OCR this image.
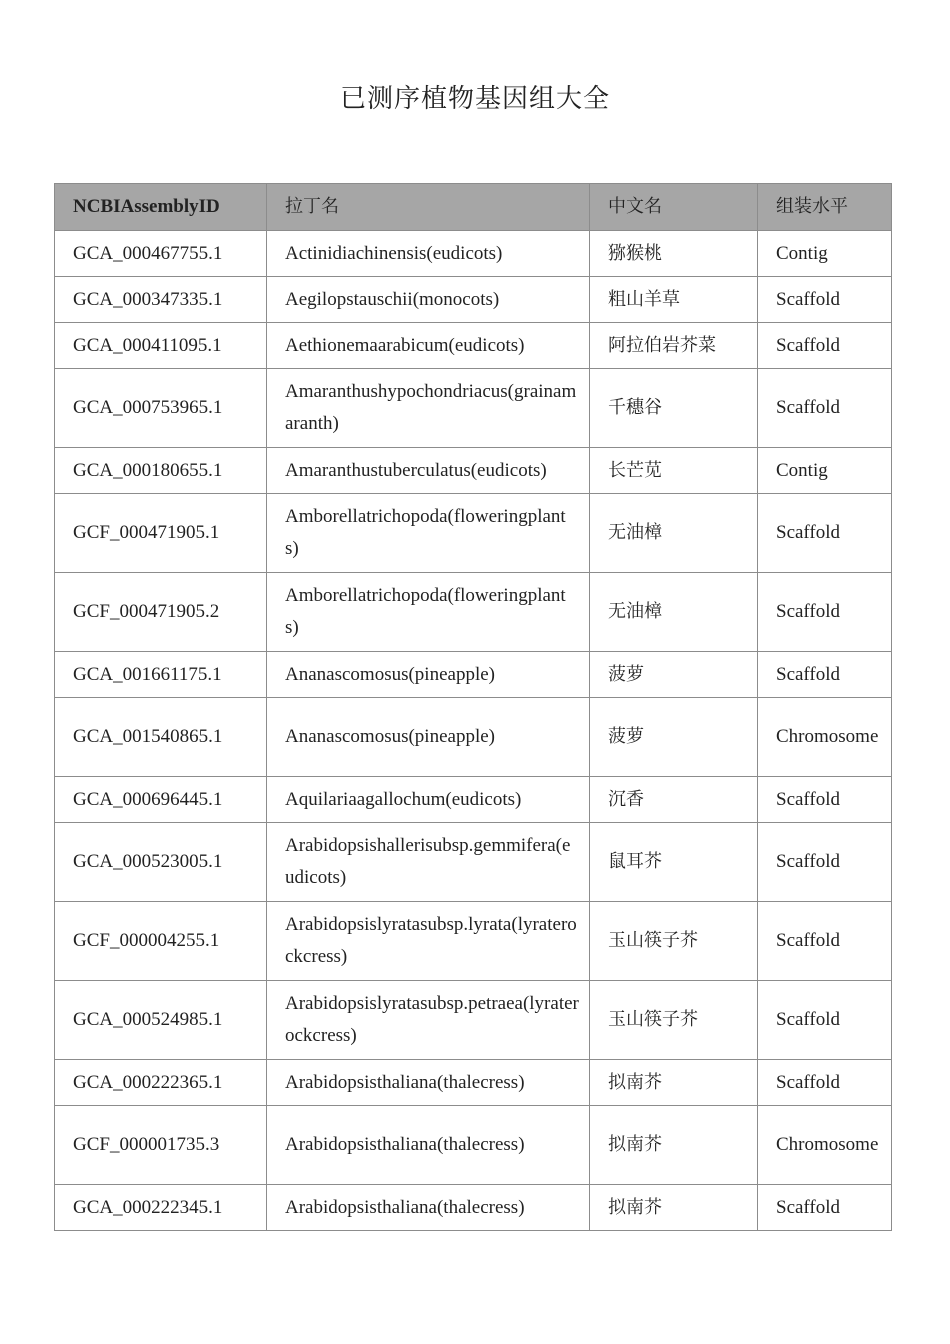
已测序植物基因组大全
NCBIAssemblyID	拉丁名	中文名	组装水平
GCA_000467755.1	Actinidiachinensis(eudicots)	猕猴桃	Contig
GCA_000347335.1	Aegilopstauschii(monocots)	粗山羊草	Scaffold
GCA_000411095.1	Aethionemaarabicum(eudicots)	阿拉伯岩芥菜	Scaffold
GCA_000753965.1	Amaranthushypochondriacus(grainamaranth)	千穗谷	Scaffold
GCA_000180655.1	Amaranthustuberculatus(eudicots)	长芒苋	Contig
GCF_000471905.1	Amborellatrichopoda(floweringplants)	无油樟	Scaffold
GCF_000471905.2	Amborellatrichopoda(floweringplants)	无油樟	Scaffold
GCA_001661175.1	Ananascomosus(pineapple)	菠萝	Scaffold
GCA_001540865.1	Ananascomosus(pineapple)	菠萝	Chromosome
GCA_000696445.1	Aquilariaagallochum(eudicots)	沉香	Scaffold
GCA_000523005.1	Arabidopsishallerisubsp.gemmifera(eudicots)	鼠耳芥	Scaffold
GCF_000004255.1	Arabidopsislyratasubsp.lyrata(lyraterockcress)	玉山筷子芥	Scaffold
GCA_000524985.1	Arabidopsislyratasubsp.petraea(lyraterockcress)	玉山筷子芥	Scaffold
GCA_000222365.1	Arabidopsisthaliana(thalecress)	拟南芥	Scaffold
GCF_000001735.3	Arabidopsisthaliana(thalecress)	拟南芥	Chromosome
GCA_000222345.1	Arabidopsisthaliana(thalecress)	拟南芥	Scaffold
